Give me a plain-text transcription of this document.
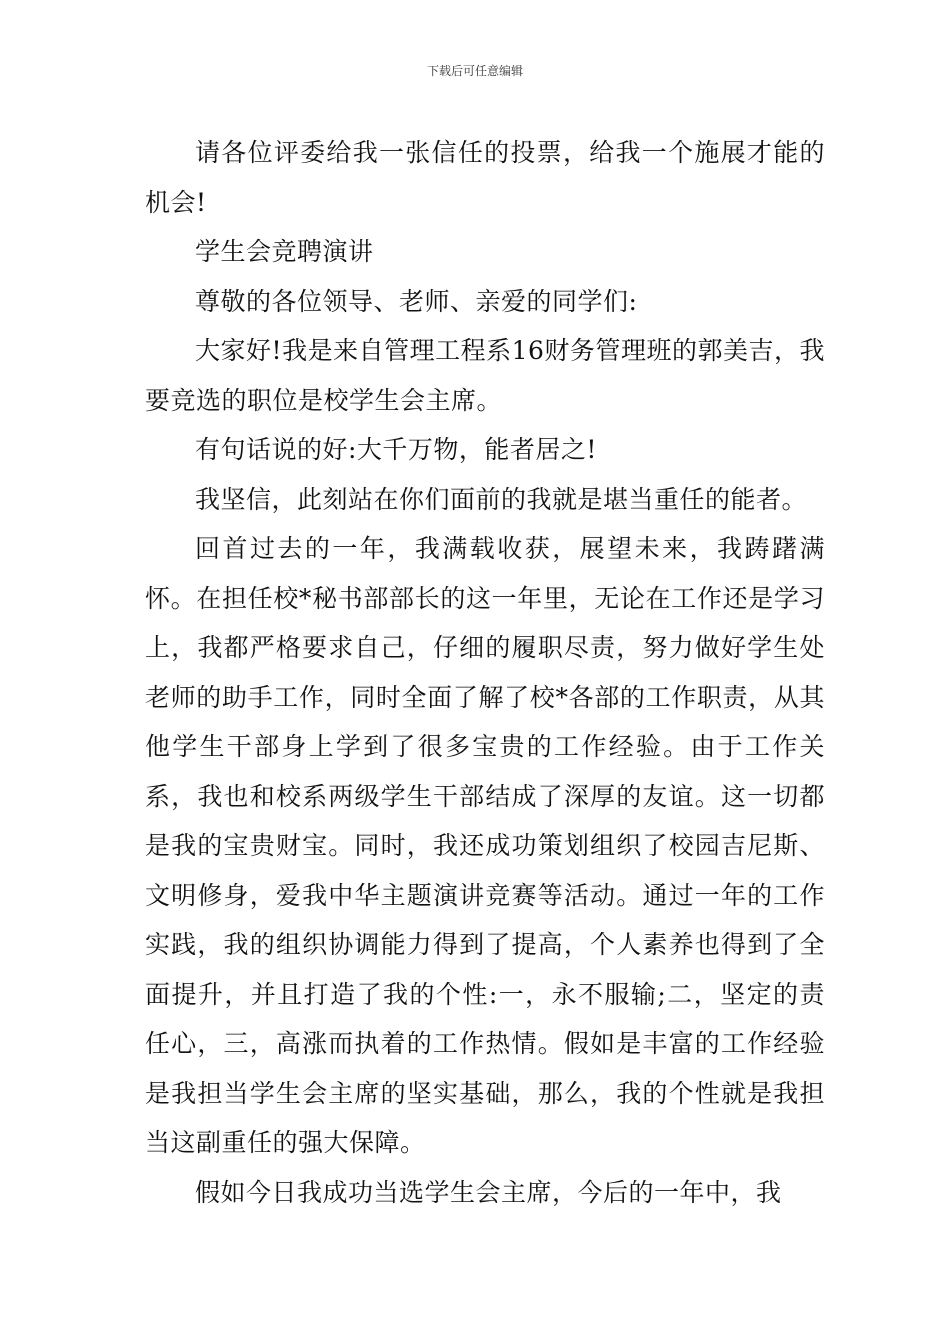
下载后可任意编辑

请各位评委给我一张信任的投票，给我一个施展才能的机会!

学生会竞聘演讲

尊敬的各位领导、老师、亲爱的同学们:

大家好!我是来自管理工程系16财务管理班的郭美吉，我要竞选的职位是校学生会主席。

有句话说的好:大千万物，能者居之!

我坚信，此刻站在你们面前的我就是堪当重任的能者。

回首过去的一年，我满载收获，展望未来，我踌躇满怀。在担任校*秘书部部长的这一年里，无论在工作还是学习上，我都严格要求自己，仔细的履职尽责，努力做好学生处老师的助手工作，同时全面了解了校*各部的工作职责，从其他学生干部身上学到了很多宝贵的工作经验。由于工作关系，我也和校系两级学生干部结成了深厚的友谊。这一切都是我的宝贵财宝。同时，我还成功策划组织了校园吉尼斯、文明修身，爱我中华主题演讲竞赛等活动。通过一年的工作实践，我的组织协调能力得到了提高，个人素养也得到了全面提升，并且打造了我的个性:一，永不服输;二，坚定的责任心，三，高涨而执着的工作热情。假如是丰富的工作经验是我担当学生会主席的坚实基础，那么，我的个性就是我担当这副重任的强大保障。

假如今日我成功当选学生会主席，今后的一年中，我
